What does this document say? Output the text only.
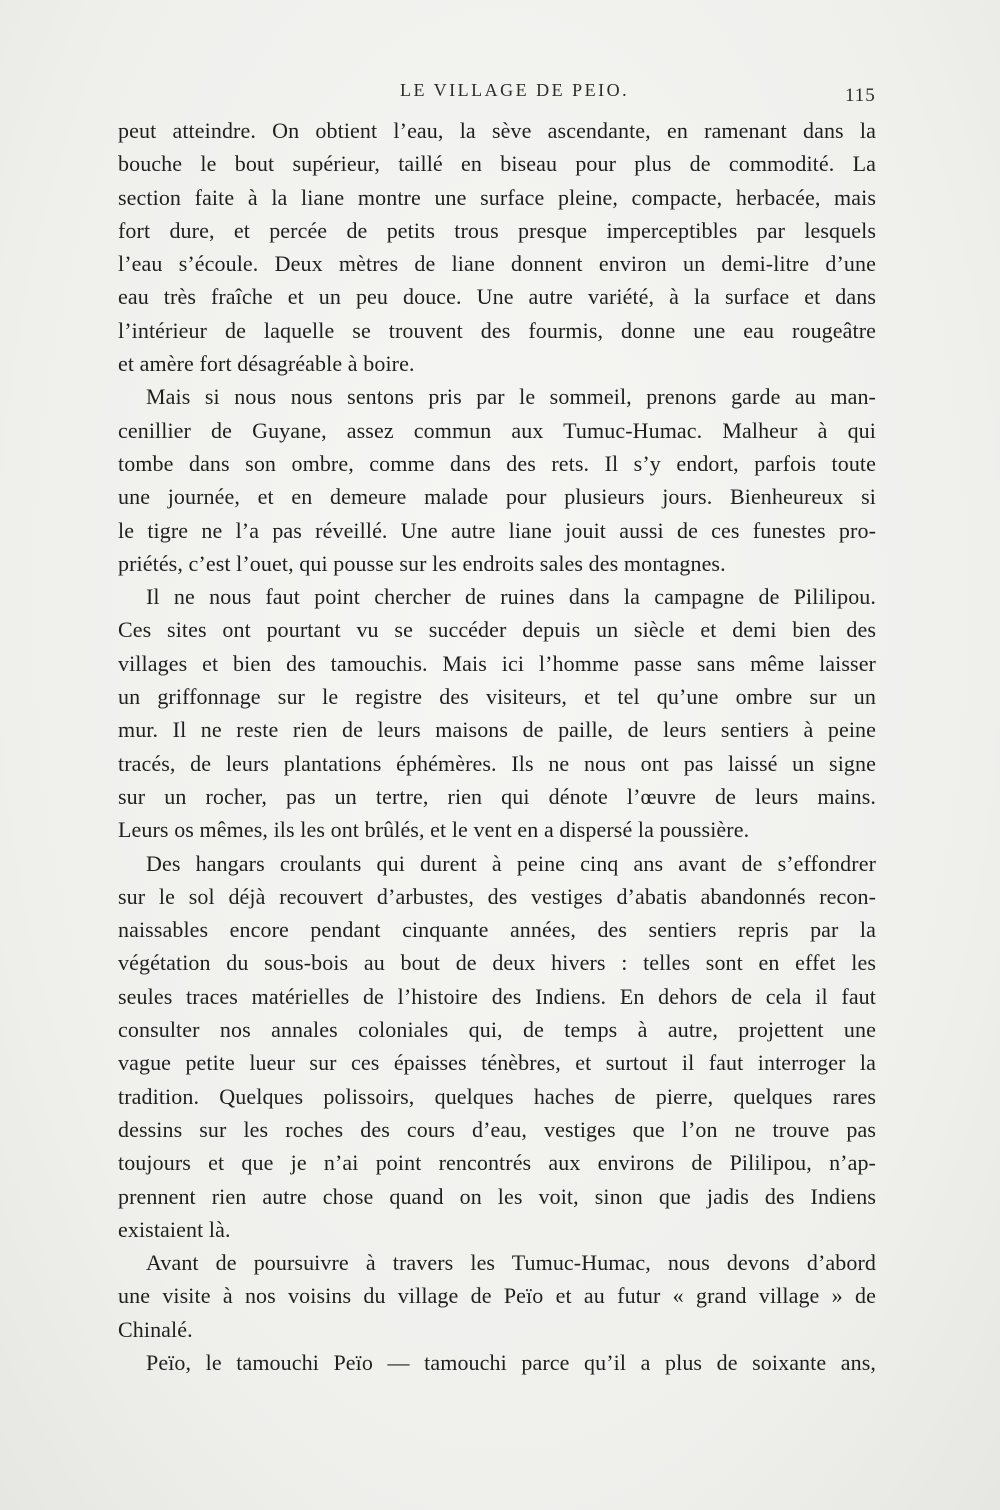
LE VILLAGE DE PEIO.	115
peut atteindre. On obtient l’eau, la sève ascendante, en ramenant dans la
bouche le bout supérieur, taillé en biseau pour plus de commodité. La
section faite à la liane montre une surface pleine, compacte, herbacée, mais
fort dure, et percée de petits trous presque imperceptibles par lesquels
l’eau s’écoule. Deux mètres de liane donnent environ un demi-litre d’une
eau très fraîche et un peu douce. Une autre variété, à la surface et dans
l’intérieur de laquelle se trouvent des fourmis, donne une eau rougeâtre
et amère fort désagréable à boire.
Mais si nous nous sentons pris par le sommeil, prenons garde au man-
cenillier de Guyane, assez commun aux Tumuc-Humac. Malheur à qui
tombe dans son ombre, comme dans des rets. Il s’y endort, parfois toute
une journée, et en demeure malade pour plusieurs jours. Bienheureux si
le tigre ne l’a pas réveillé. Une autre liane jouit aussi de ces funestes pro-
priétés, c’est l’ouet, qui pousse sur les endroits sales des montagnes.
Il ne nous faut point chercher de ruines dans la campagne de Pililipou.
Ces sites ont pourtant vu se succéder depuis un siècle et demi bien des
villages et bien des tamouchis. Mais ici l’homme passe sans même laisser
un griffonnage sur le registre des visiteurs, et tel qu’une ombre sur un
mur. Il ne reste rien de leurs maisons de paille, de leurs sentiers à peine
tracés, de leurs plantations éphémères. Ils ne nous ont pas laissé un signe
sur un rocher, pas un tertre, rien qui dénote l’œuvre de leurs mains.
Leurs os mêmes, ils les ont brûlés, et le vent en a dispersé la poussière.
Des hangars croulants qui durent à peine cinq ans avant de s’effondrer
sur le sol déjà recouvert d’arbustes, des vestiges d’abatis abandonnés recon-
naissables encore pendant cinquante années, des sentiers repris par la
végétation du sous-bois au bout de deux hivers : telles sont en effet les
seules traces matérielles de l’histoire des Indiens. En dehors de cela il faut
consulter nos annales coloniales qui, de temps à autre, projettent une
vague petite lueur sur ces épaisses ténèbres, et surtout il faut interroger la
tradition. Quelques polissoirs, quelques haches de pierre, quelques rares
dessins sur les roches des cours d’eau, vestiges que l’on ne trouve pas
toujours et que je n’ai point rencontrés aux environs de Pililipou, n’ap-
prennent rien autre chose quand on les voit, sinon que jadis des Indiens
existaient là.
Avant de poursuivre à travers les Tumuc-Humac, nous devons d’abord
une visite à nos voisins du village de Peïo et au futur « grand village » de
Chinalé.
Peïo, le tamouchi Peïo — tamouchi parce qu’il a plus de soixante ans,
